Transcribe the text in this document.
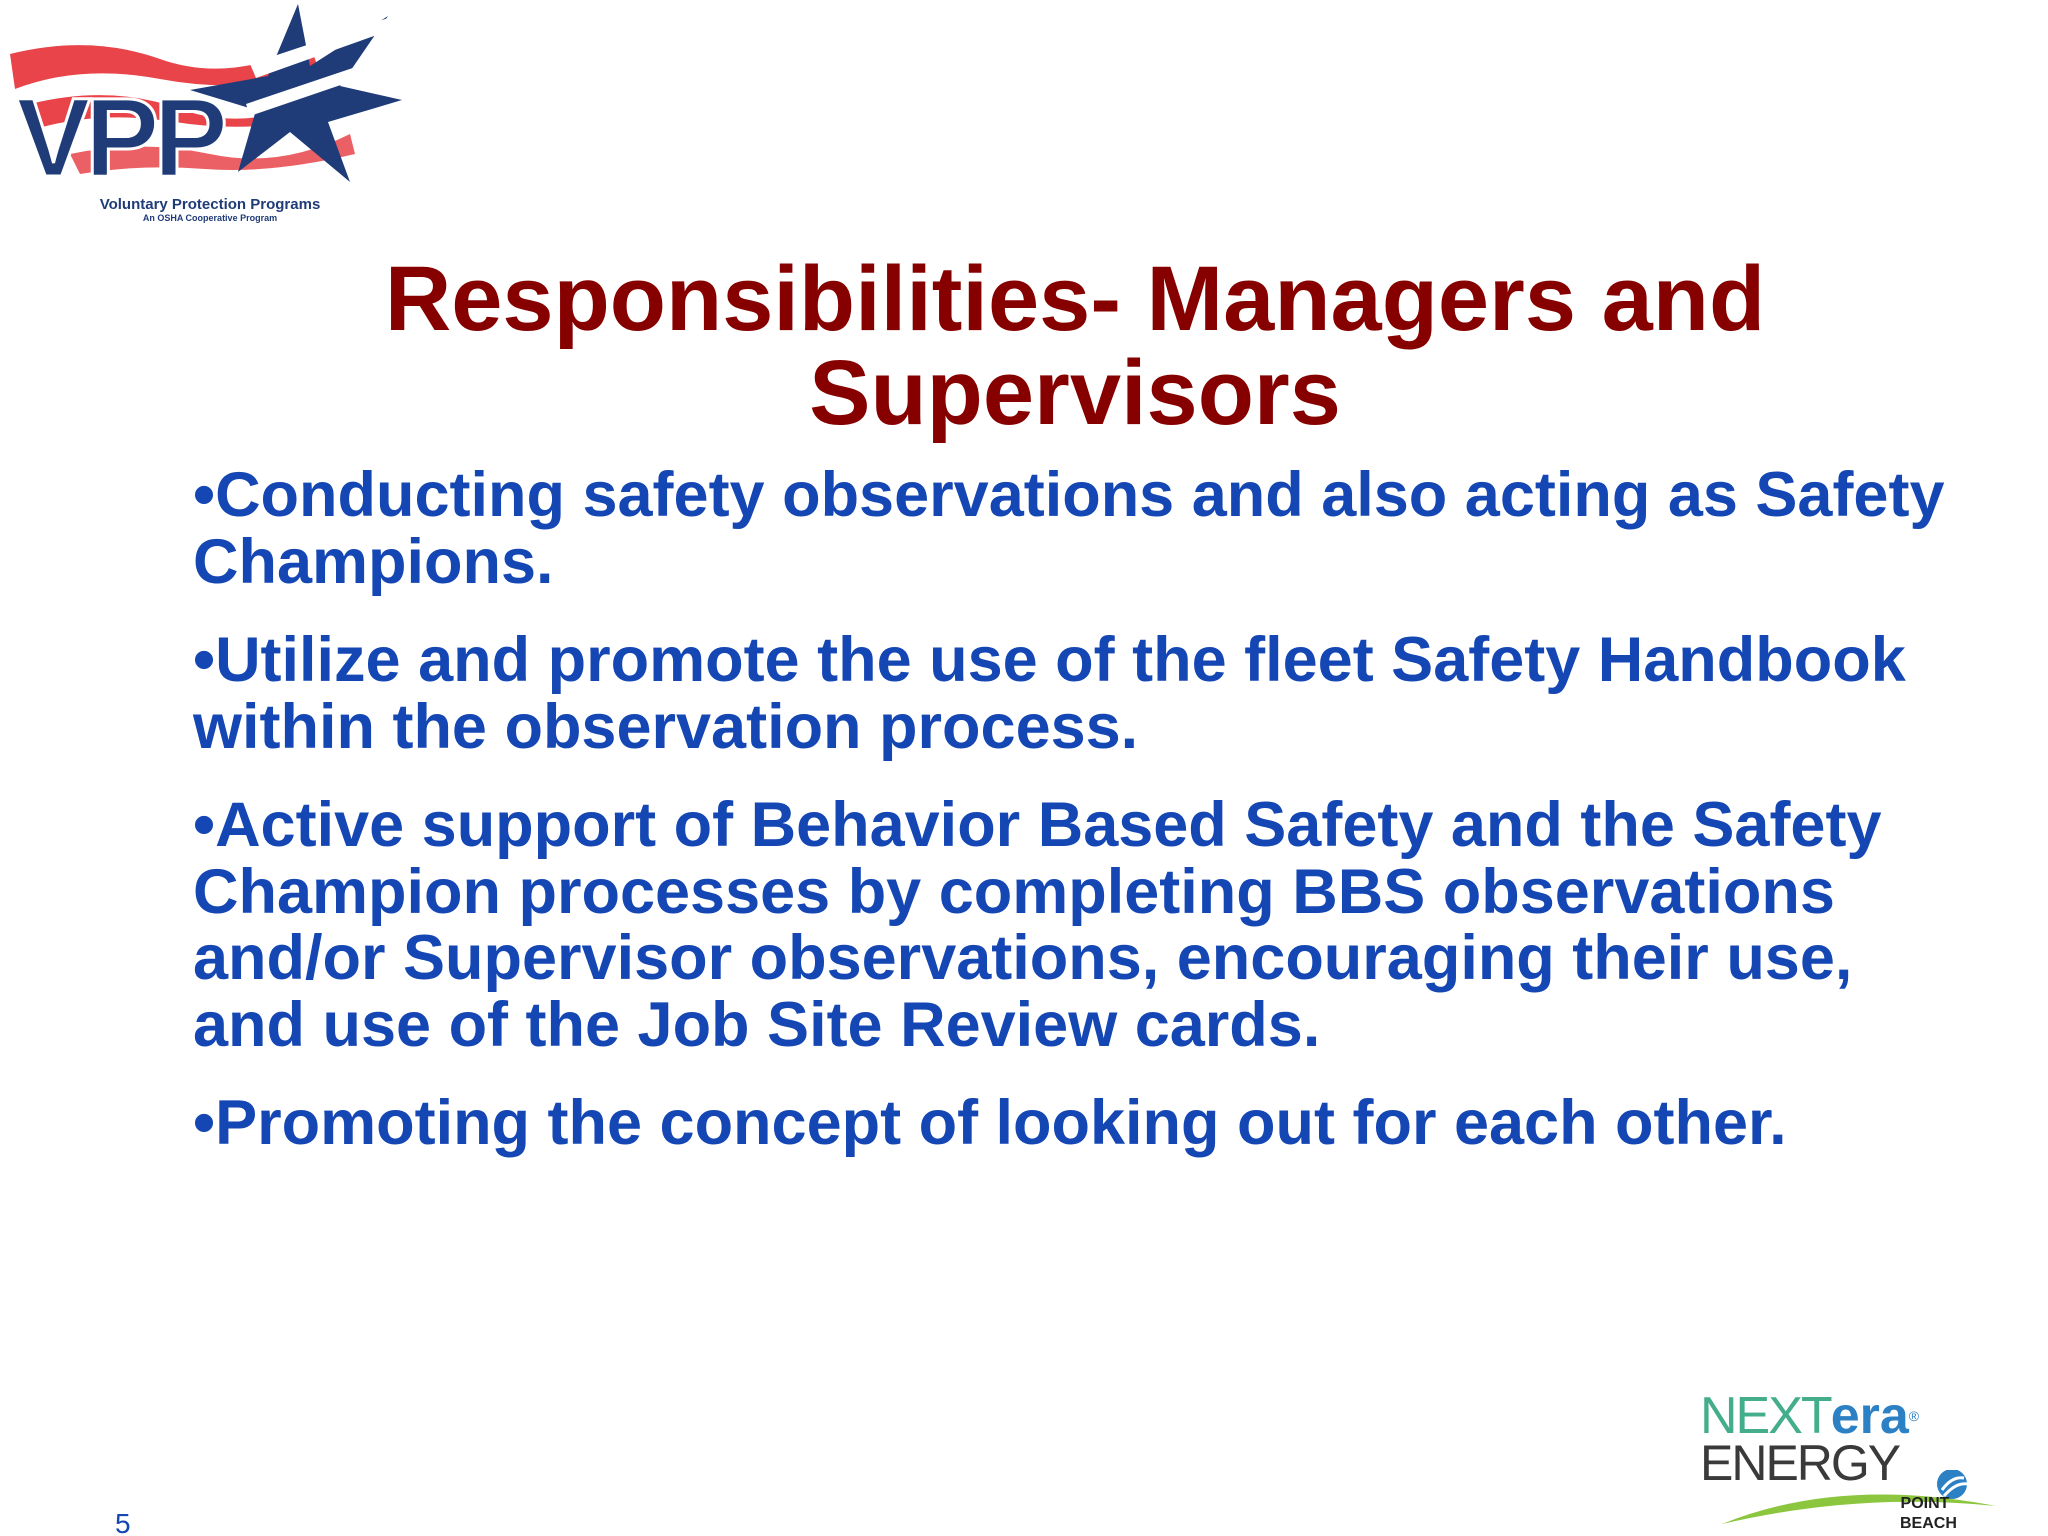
VPP
Voluntary Protection Programs
An OSHA Cooperative Program
Responsibilities- Managers and
Supervisors
•Conducting safety observations and also acting as Safety Champions.
•Utilize and promote the use of the fleet Safety Handbook within the observation process.
•Active support of Behavior Based Safety and the Safety Champion processes by completing BBS observations and/or Supervisor observations, encouraging their use, and use of the Job Site Review cards.
•Promoting the concept of looking out for each other.
5
NEXTera®
ENERGY
POINT
BEACH
